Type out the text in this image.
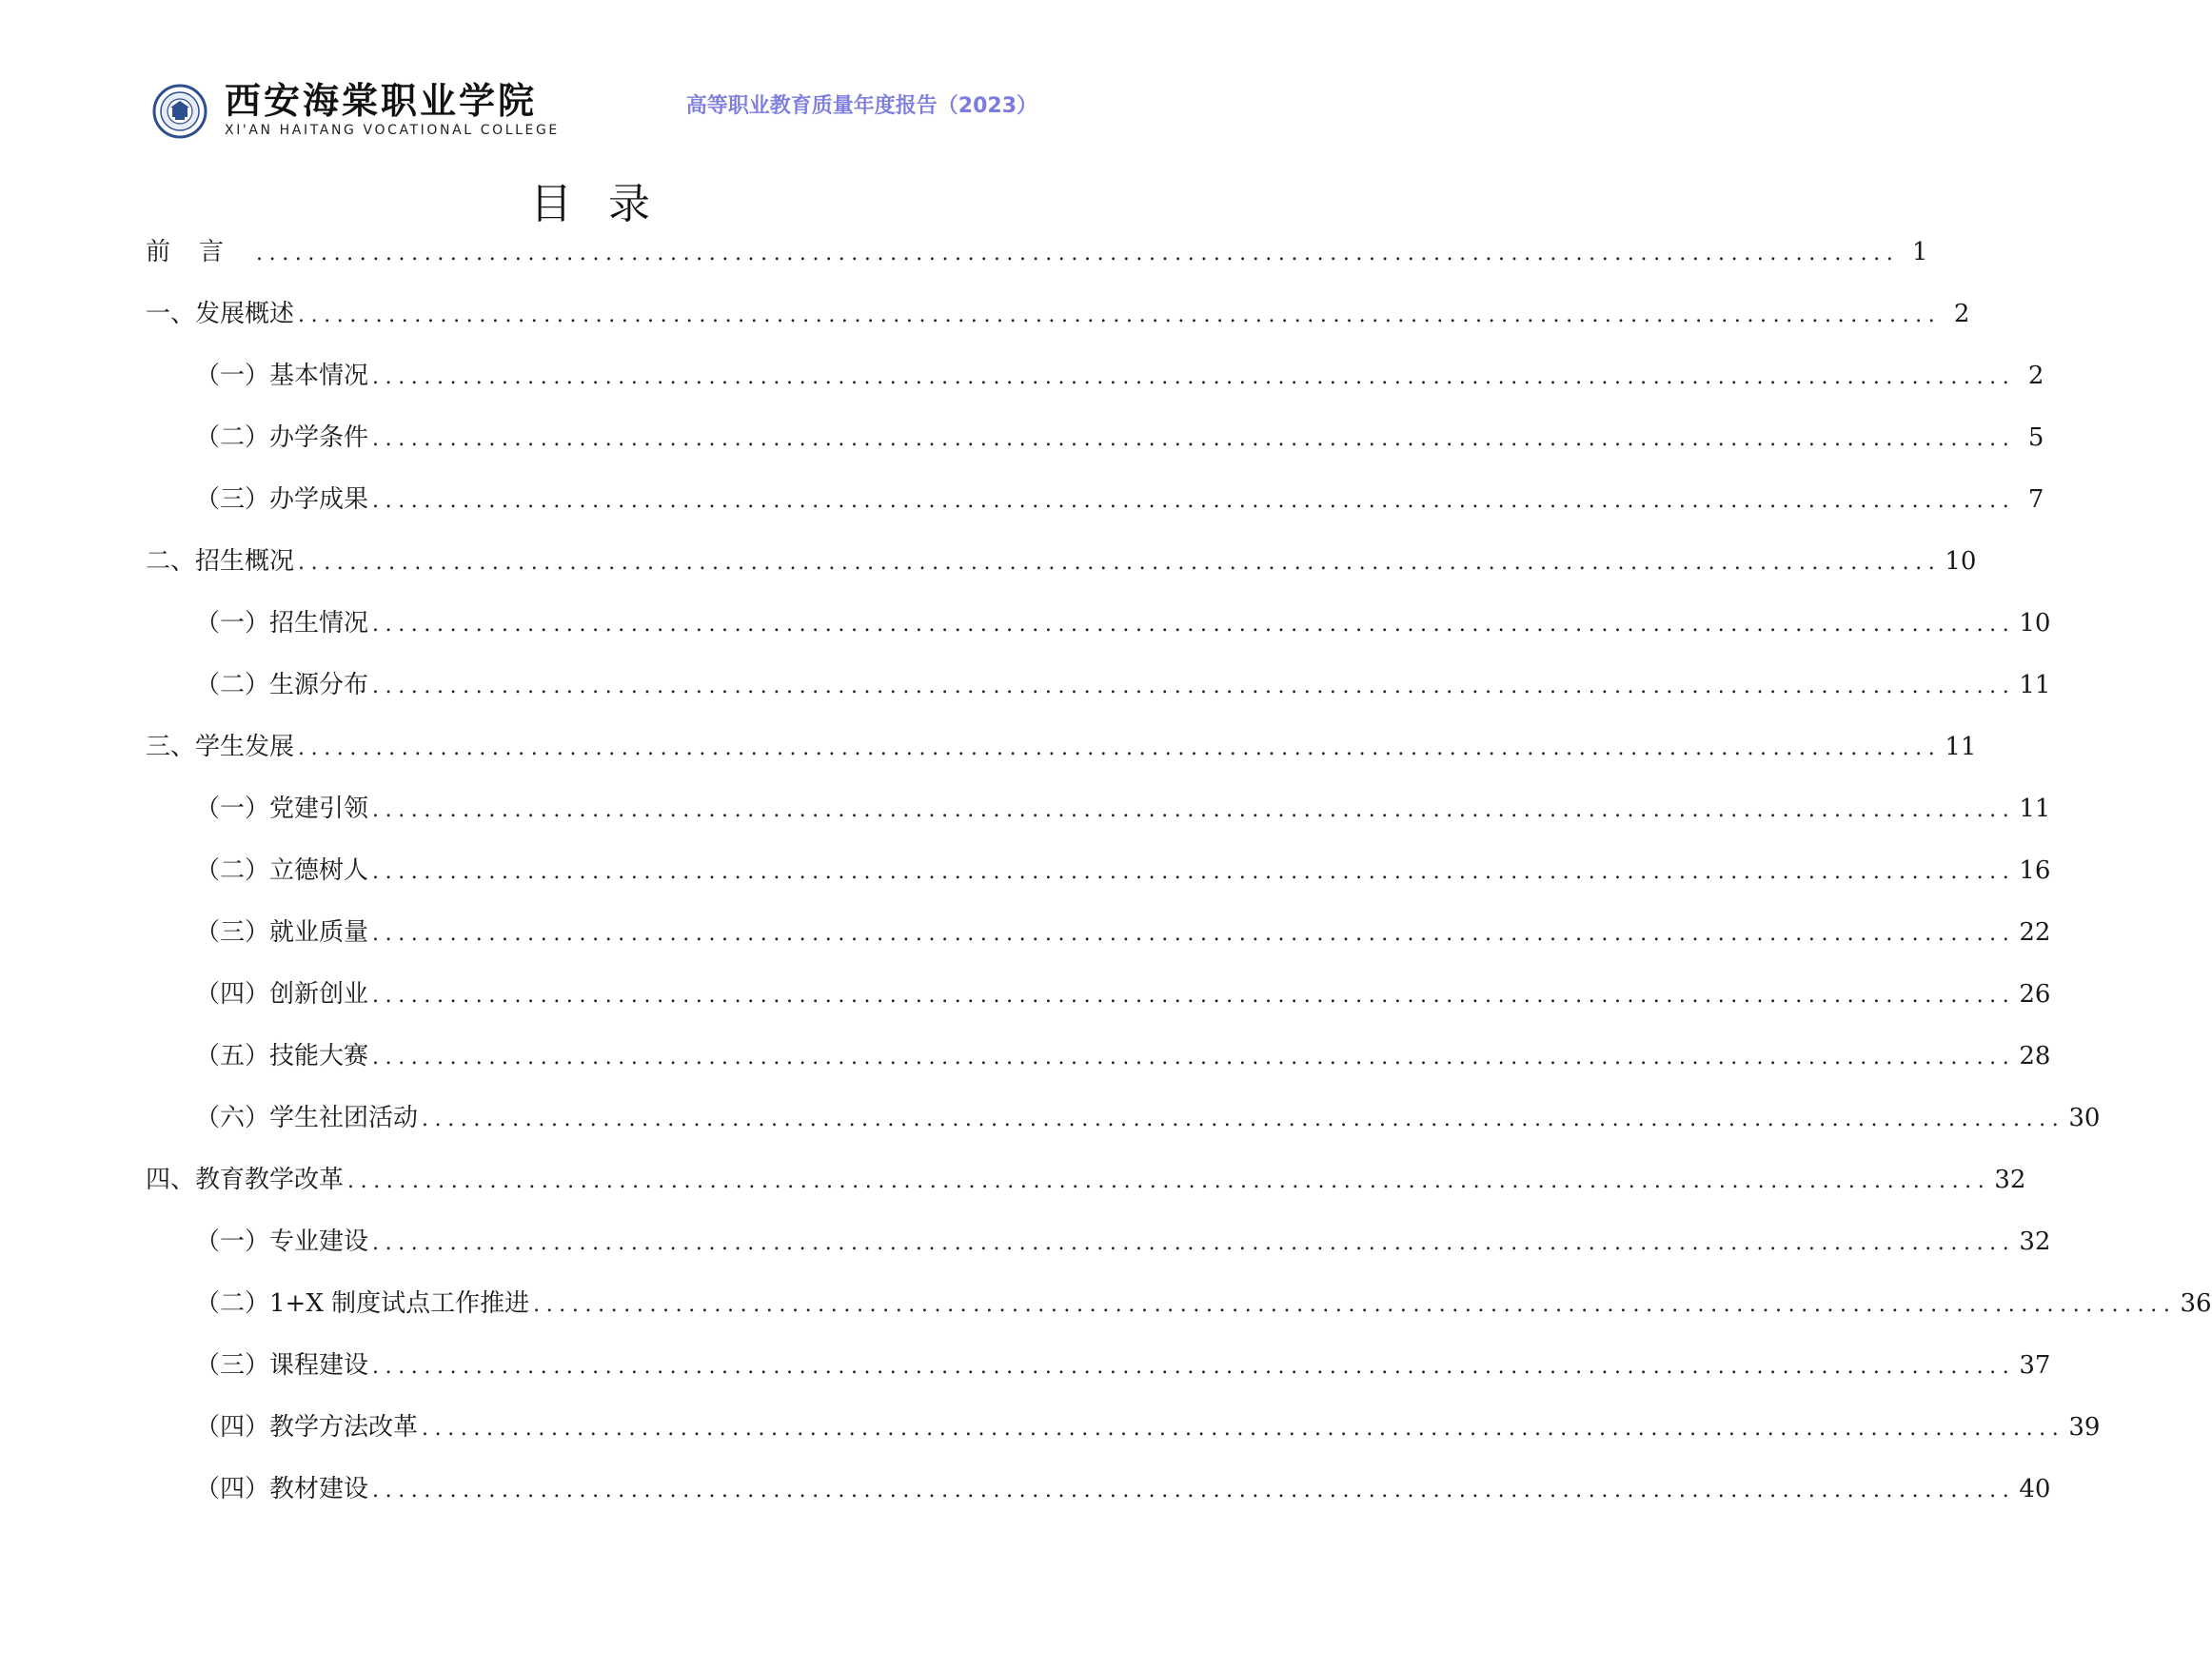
西安海棠职业学院
XI'AN HAITANG VOCATIONAL COLLEGE
高等职业教育质量年度报告（2023）
目录
前言 ............................................................................................................................... 1
一、发展概述 ............................................................................................................................... 2
（一）基本情况 ............................................................................................................................... 2
（二）办学条件 ............................................................................................................................... 5
（三）办学成果 ............................................................................................................................... 7
二、招生概况 ............................................................................................................................... 10
（一）招生情况 ............................................................................................................................... 10
（二）生源分布 ............................................................................................................................... 11
三、学生发展 ............................................................................................................................... 11
（一）党建引领 ............................................................................................................................... 11
（二）立德树人 ............................................................................................................................... 16
（三）就业质量 ............................................................................................................................... 22
（四）创新创业 ............................................................................................................................... 26
（五）技能大赛 ............................................................................................................................... 28
（六）学生社团活动 ............................................................................................................................... 30
四、教育教学改革 ............................................................................................................................... 32
（一）专业建设 ............................................................................................................................... 32
（二）1+X 制度试点工作推进 ............................................................................................................................... 36
（三）课程建设 ............................................................................................................................... 37
（四）教学方法改革 ............................................................................................................................... 39
（四）教材建设 ............................................................................................................................... 40
